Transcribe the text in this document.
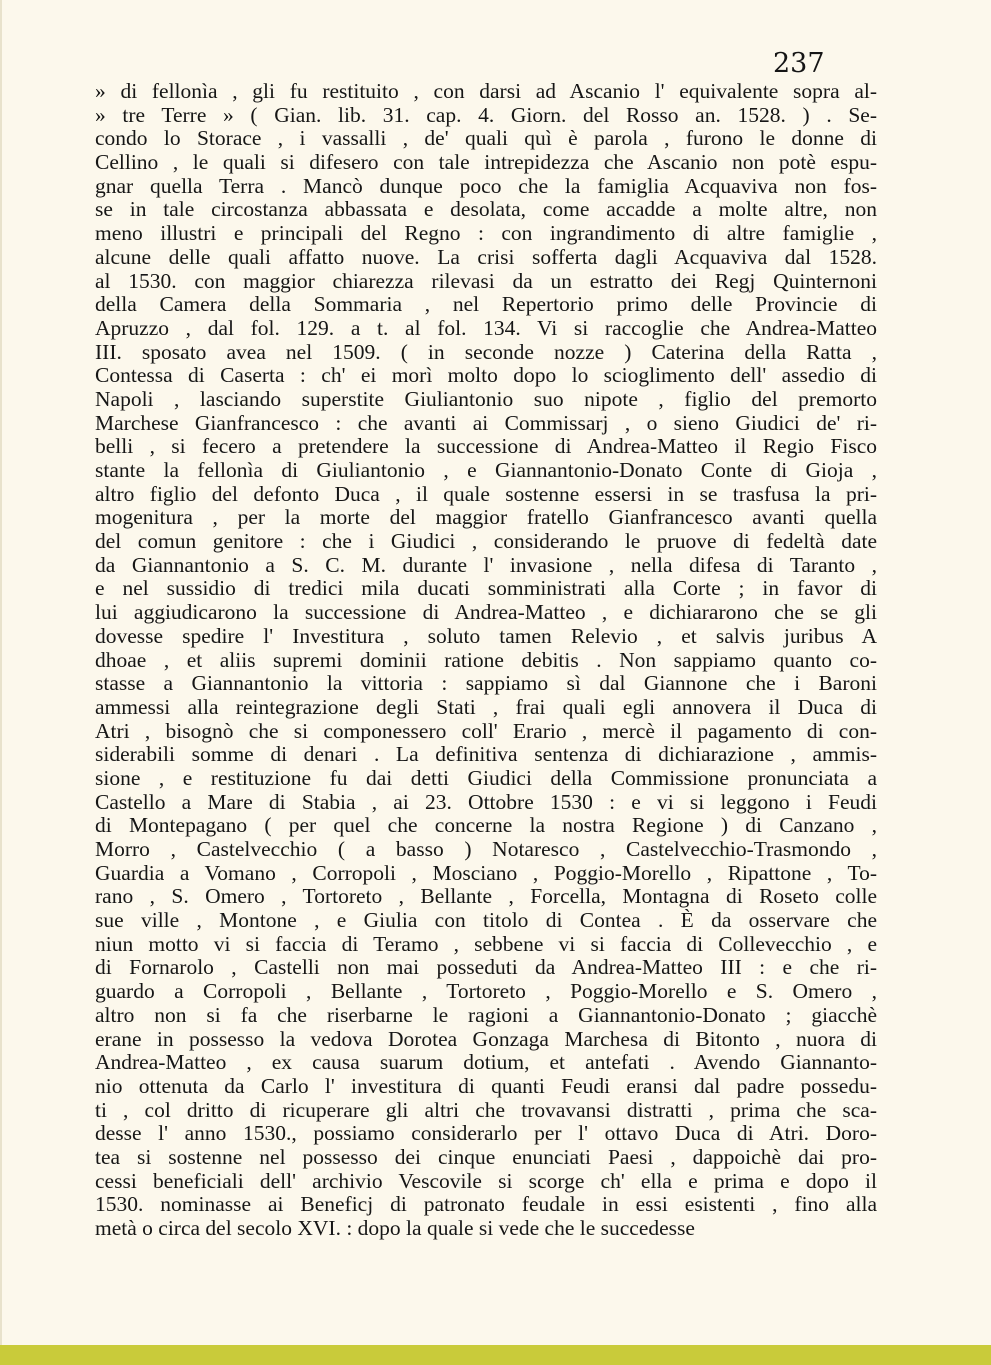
237
» di fellonìa , gli fu restituito , con darsi ad Ascanio l' equivalente sopra al-
» tre Terre » ( Gian. lib. 31. cap. 4. Giorn. del Rosso an. 1528. ) . Se-
condo lo Storace , i vassalli , de' quali quì è parola , furono le donne di
Cellino , le quali si difesero con tale intrepidezza che Ascanio non potè espu-
gnar quella Terra . Mancò dunque poco che la famiglia Acquaviva non fos-
se in tale circostanza abbassata e desolata, come accadde a molte altre, non
meno illustri e principali del Regno : con ingrandimento di altre famiglie ,
alcune delle quali affatto nuove. La crisi sofferta dagli Acquaviva dal 1528.
al 1530. con maggior chiarezza rilevasi da un estratto dei Regj Quinternoni
della Camera della Sommaria , nel Repertorio primo delle Provincie di
Apruzzo , dal fol. 129. a t. al fol. 134. Vi si raccoglie che Andrea-Matteo
III. sposato avea nel 1509. ( in seconde nozze ) Caterina della Ratta ,
Contessa di Caserta : ch' ei morì molto dopo lo scioglimento dell' assedio di
Napoli , lasciando superstite Giuliantonio suo nipote , figlio del premorto
Marchese Gianfrancesco : che avanti ai Commissarj , o sieno Giudici de' ri-
belli , si fecero a pretendere la successione di Andrea-Matteo il Regio Fisco
stante la fellonìa di Giuliantonio , e Giannantonio-Donato Conte di Gioja ,
altro figlio del defonto Duca , il quale sostenne essersi in se trasfusa la pri-
mogenitura , per la morte del maggior fratello Gianfrancesco avanti quella
del comun genitore : che i Giudici , considerando le pruove di fedeltà date
da Giannantonio a S. C. M. durante l' invasione , nella difesa di Taranto ,
e nel sussidio di tredici mila ducati somministrati alla Corte ; in favor di
lui aggiudicarono la successione di Andrea-Matteo , e dichiararono che se gli
dovesse spedire l' Investitura , soluto tamen Relevio , et salvis juribus A
dhoae , et aliis supremi dominii ratione debitis . Non sappiamo quanto co-
stasse a Giannantonio la vittoria : sappiamo sì dal Giannone che i Baroni
ammessi alla reintegrazione degli Stati , frai quali egli annovera il Duca di
Atri , bisognò che si componessero coll' Erario , mercè il pagamento di con-
siderabili somme di denari . La definitiva sentenza di dichiarazione , ammis-
sione , e restituzione fu dai detti Giudici della Commissione pronunciata a
Castello a Mare di Stabia , ai 23. Ottobre 1530 : e vi si leggono i Feudi
di Montepagano ( per quel che concerne la nostra Regione ) di Canzano ,
Morro , Castelvecchio ( a basso ) Notaresco , Castelvecchio-Trasmondo ,
Guardia a Vomano , Corropoli , Mosciano , Poggio-Morello , Ripattone , To-
rano , S. Omero , Tortoreto , Bellante , Forcella, Montagna di Roseto colle
sue ville , Montone , e Giulia con titolo di Contea . È da osservare che
niun motto vi si faccia di Teramo , sebbene vi si faccia di Collevecchio , e
di Fornarolo , Castelli non mai posseduti da Andrea-Matteo III : e che ri-
guardo a Corropoli , Bellante , Tortoreto , Poggio-Morello e S. Omero ,
altro non si fa che riserbarne le ragioni a Giannantonio-Donato ; giacchè
erane in possesso la vedova Dorotea Gonzaga Marchesa di Bitonto , nuora di
Andrea-Matteo , ex causa suarum dotium, et antefati . Avendo Giannanto-
nio ottenuta da Carlo l' investitura di quanti Feudi eransi dal padre possedu-
ti , col dritto di ricuperare gli altri che trovavansi distratti , prima che sca-
desse l' anno 1530., possiamo considerarlo per l' ottavo Duca di Atri. Doro-
tea si sostenne nel possesso dei cinque enunciati Paesi , dappoichè dai pro-
cessi beneficiali dell' archivio Vescovile si scorge ch' ella e prima e dopo il
1530. nominasse ai Beneficj di patronato feudale in essi esistenti , fino alla
metà o circa del secolo XVI. : dopo la quale si vede che le succedesse
